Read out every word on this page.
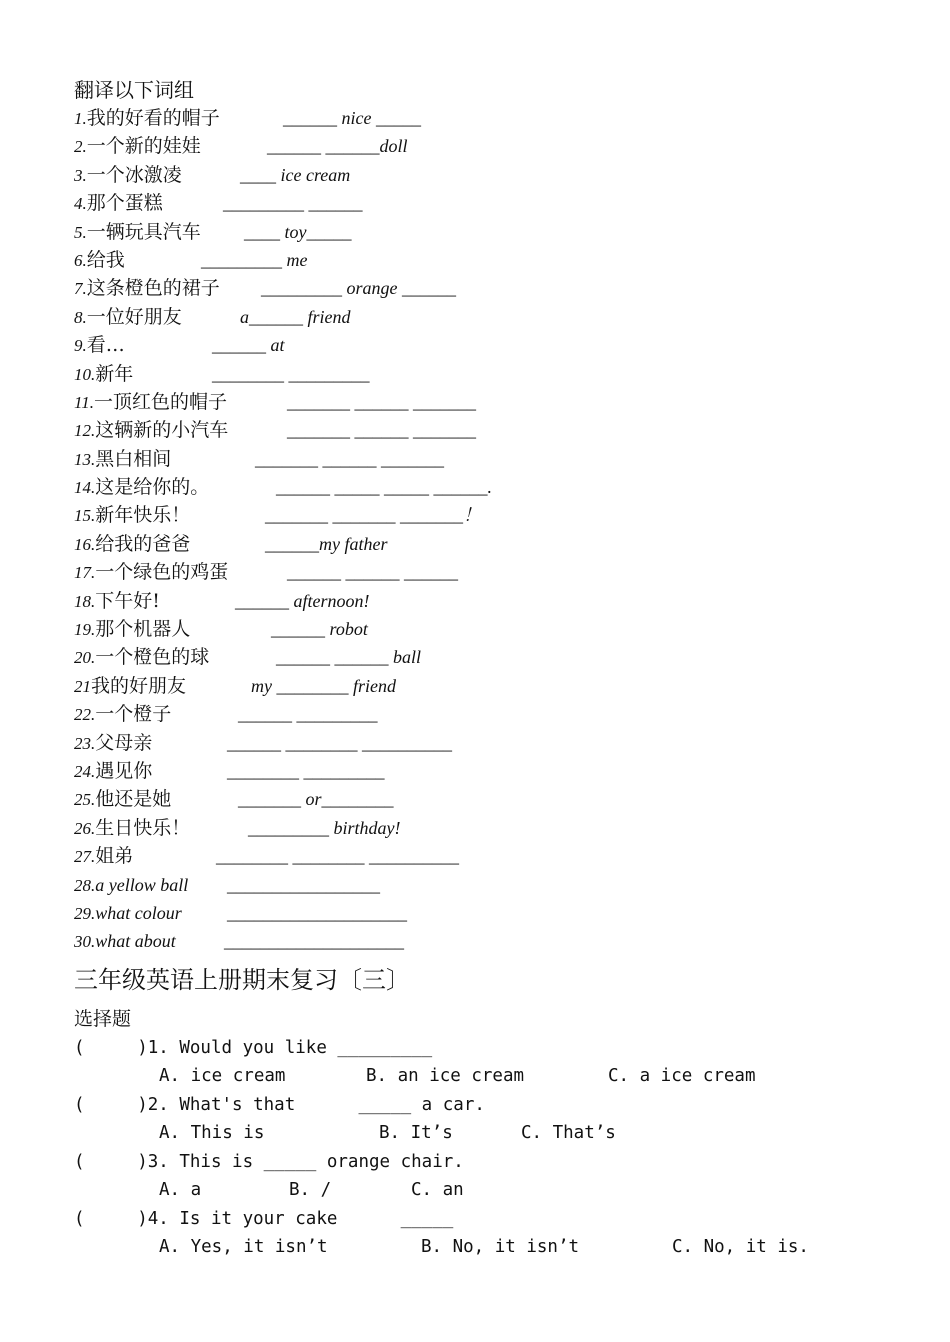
翻译以下词组
1.我的好看的帽子	______ nice _____
2.一个新的娃娃	______ ______doll
3.一个冰激凌	____ ice cream
4.那个蛋糕	_________ ______
5.一辆玩具汽车 ____ toy_____
6.给我	_________ me
7.这条橙色的裙子 _________ orange ______
8.一位好朋友	a______ friend
9.看…	______ at
10.新年	________ _________
11.一顶红色的帽子	_______ ______ _______
12.这辆新的小汽车	_______ ______ _______
13.黑白相间	_______ ______ _______
14.这是给你的。	______ _____ _____ ______.
15.新年快乐！	_______ _______ _______！
16.给我的爸爸	______my father
17.一个绿色的鸡蛋	______ ______ ______
18.下午好!	______ afternoon!
19.那个机器人	______ robot
20.一个橙色的球	______ ______ ball
21我的好朋友	my ________ friend
22.一个橙子	______ _________
23.父母亲	______ ________ __________
24.遇见你	________ _________
25.他还是她	_______ or________
26.生日快乐！	_________ birthday!
27.姐弟	________ ________ __________
28.a yellow ball _________________
29.what colour	____________________
30.what about	____________________
三年级英语上册期末复习〔三〕
选择题
(     )1. Would you like _________
A. ice cream	B. an ice cream	C. a ice cream
(     )2. What's that      _____ a car.
A. This is	B. It’s	C. That’s
(     )3. This is _____ orange chair.
A. a	B. /	C. an
(     )4. Is it your cake      _____
A. Yes, it isn’t	B. No, it isn’t	C. No, it is.
